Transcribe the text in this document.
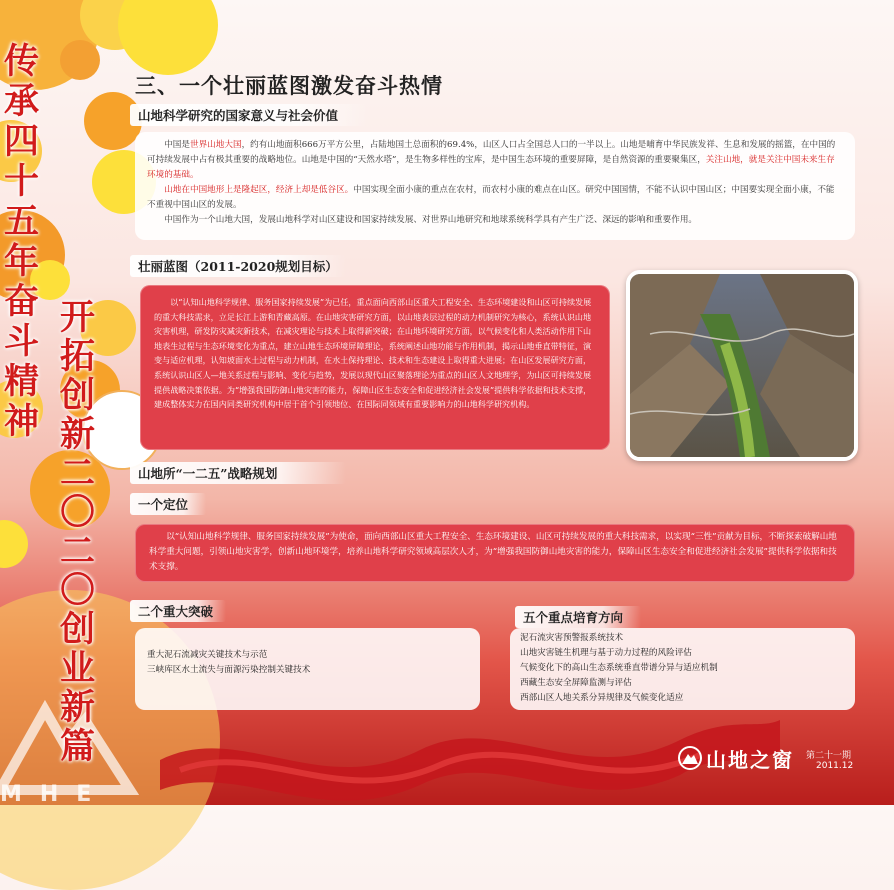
MHE
传
承
四
十
五
年
奋
斗
精
神
开
拓
创
新
二
〇
二
〇
创
业
新
篇
三、一个壮丽蓝图激发奋斗热情
山地科学研究的国家意义与社会价值

中国是世界山地大国，约有山地面积666万平方公里，占陆地国土总面积的69.4%，山区人口占全国总人口的一半以上。山地是哺育中华民族发祥、生息和发展的摇篮，在中国的可持续发展中占有极其重要的战略地位。山地是中国的“天然水塔”，是生物多样性的宝库，是中国生态环境的重要屏障，是自然资源的重要聚集区，关注山地，就是关注中国未来生存环境的基础。

山地在中国地形上是隆起区，经济上却是低谷区。中国实现全面小康的重点在农村，而农村小康的难点在山区。研究中国国情，不能不认识中国山区；中国要实现全面小康，不能不重视中国山区的发展。

中国作为一个山地大国，发展山地科学对山区建设和国家持续发展、对世界山地研究和地球系统科学具有产生广泛、深远的影响和重要作用。

壮丽蓝图（2011-2020规划目标）

以“认知山地科学规律、服务国家持续发展”为已任，重点面向西部山区重大工程安全、生态环境建设和山区可持续发展的重大科技需求，立足长江上游和青藏高原。在山地灾害研究方面，以山地表层过程的动力机制研究为核心，系统认识山地灾害机理，研发防灾减灾新技术，在减灾理论与技术上取得新突破；在山地环境研究方面，以气候变化和人类活动作用下山地表生过程与生态环境变化为重点，建立山地生态环境屏障理论，系统阐述山地功能与作用机制，揭示山地垂直带特征，演变与适应机理，认知坡面水土过程与动力机制，在水土保持理论、技术和生态建设上取得重大进展；在山区发展研究方面，系统认识山区人—地关系过程与影响、变化与趋势，发展以现代山区聚落理论为重点的山区人文地理学，为山区可持续发展提供战略决策依据。为“增强我国防御山地灾害的能力，保障山区生态安全和促进经济社会发展”提供科学依据和技术支撑，建成整体实力在国内同类研究机构中居于首个引领地位、在国际同领域有重要影响力的山地科学研究机构。

山地所“一二五”战略规划
一个定位

以“认知山地科学规律、服务国家持续发展”为使命，面向西部山区重大工程安全、生态环境建设、山区可持续发展的重大科技需求，以实现“三性”贡献为目标，不断探索破解山地科学重大问题，引领山地灾害学，创新山地环境学，培养山地科学研究领域高层次人才，为“增强我国防御山地灾害的能力，保障山区生态安全和促进经济社会发展”提供科学依据和技术支撑。

二个重大突破
重大泥石流减灾关键技术与示范
三峡库区水土流失与面源污染控制关键技术
五个重点培育方向
泥石流灾害预警报系统技术
山地灾害链生机理与基于动力过程的风险评估
气候变化下的高山生态系统垂直带谱分异与适应机制
西藏生态安全屏障监测与评估
西部山区人地关系分异规律及气候变化适应
山地之窗 第二十一期
2011.12
